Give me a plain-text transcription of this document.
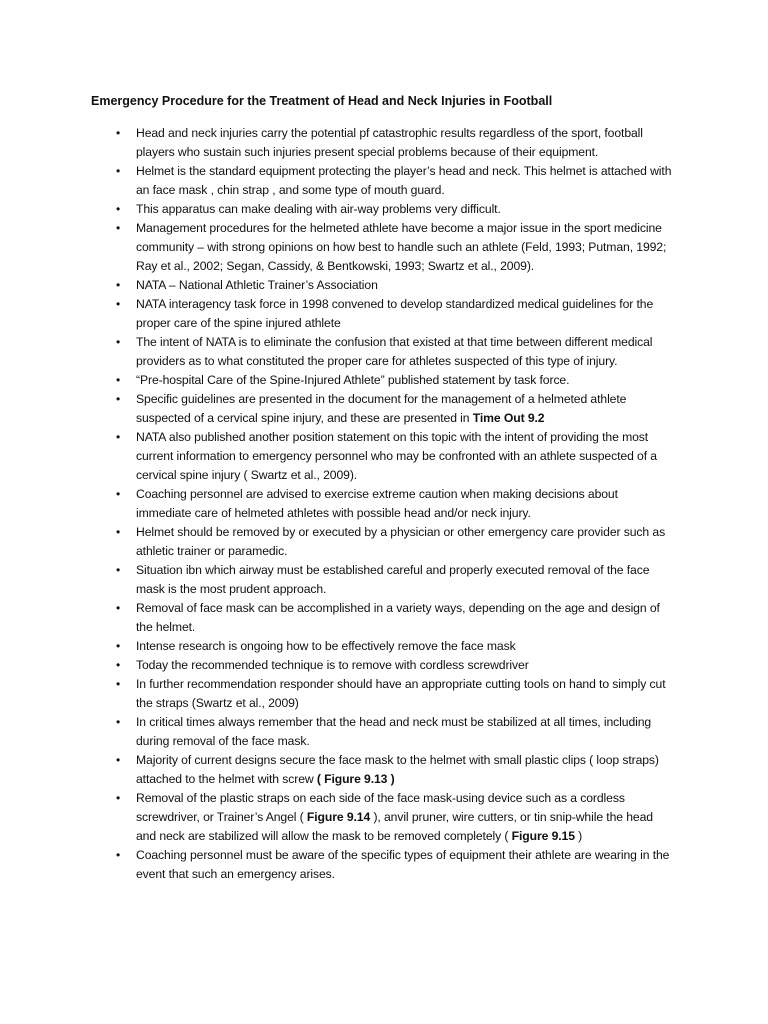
Emergency Procedure for the Treatment of Head and Neck Injuries in Football
• Head and neck injuries carry the potential pf catastrophic results regardless of the sport, football players who sustain such injuries present special problems because of their equipment.
• Helmet is the standard equipment protecting the player’s head and neck. This helmet is attached with an face mask , chin strap , and some type of mouth guard.
• This apparatus can make dealing with air-way problems very difficult.
• Management procedures for the helmeted athlete have become a major issue in the sport medicine community – with strong opinions on how best to handle such an athlete (Feld, 1993; Putman, 1992; Ray et al., 2002; Segan, Cassidy, & Bentkowski, 1993; Swartz et al., 2009).
• NATA – National Athletic Trainer’s Association
• NATA interagency task force in 1998 convened to develop standardized medical guidelines for the proper care of the spine injured athlete
• The intent of NATA is to eliminate the confusion that existed at that time between different medical providers as to what constituted the proper care for athletes suspected of this type of injury.
• “Pre-hospital Care of the Spine-Injured Athlete” published statement by task force.
• Specific guidelines are presented in the document for the management of a helmeted athlete suspected of a cervical spine injury, and these are presented in Time Out 9.2
• NATA also published another position statement on this topic with the intent of providing the most current information to emergency personnel who may be confronted with an athlete suspected of a cervical spine injury ( Swartz et al., 2009).
• Coaching personnel are advised to exercise extreme caution when making decisions about immediate care of helmeted athletes with possible head and/or neck injury.
• Helmet should be removed by or executed by a physician or other emergency care provider such as athletic trainer or paramedic.
• Situation ibn which airway must be established careful and properly executed removal of the face mask is the most prudent approach.
• Removal of face mask can be accomplished in a variety ways, depending on the age and design of the helmet.
• Intense research is ongoing how to be effectively remove the face mask
• Today the recommended technique is to remove with cordless screwdriver
• In further recommendation responder should have an appropriate cutting tools on hand to simply cut the straps (Swartz et al., 2009)
• In critical times always remember that the head and neck must be stabilized at all times, including during removal of the face mask.
• Majority of current designs secure the face mask to the helmet with small plastic clips ( loop straps) attached to the helmet with screw ( Figure 9.13 )
• Removal of the plastic straps on each side of the face mask-using device such as a cordless screwdriver, or Trainer’s Angel ( Figure 9.14 ), anvil pruner, wire cutters, or tin snip-while the head and neck are stabilized will allow the mask to be removed completely ( Figure 9.15 )
• Coaching personnel must be aware of the specific types of equipment their athlete are wearing in the event that such an emergency arises.
